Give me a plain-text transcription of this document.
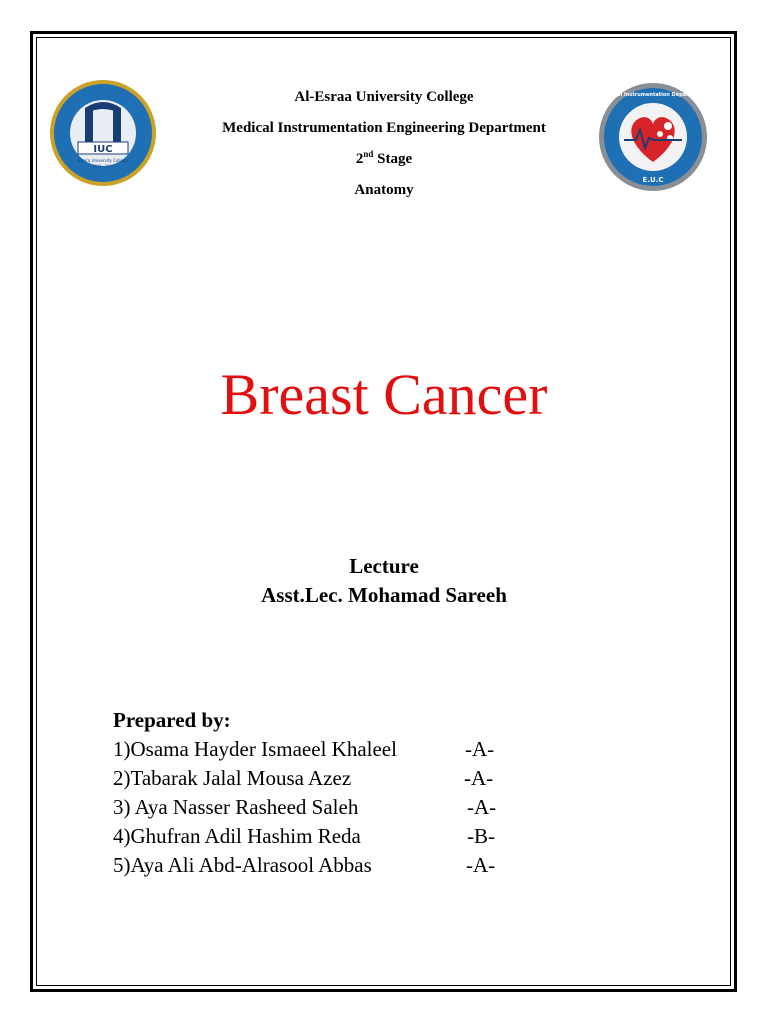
IUC
Esra'a University College
~ 2018 - 2015 ~
Medical Instrumentation Department
E.U.C
Al-Esraa University College
Medical Instrumentation Engineering Department
2nd Stage
Anatomy
Breast Cancer
Lecture
Asst.Lec. Mohamad Sareeh
Prepared by:
1)Osama Hayder Ismaeel Khaleel	-A-
2)Tabarak Jalal Mousa Azez	-A-
3) Aya Nasser Rasheed Saleh	-A-
4)Ghufran Adil Hashim Reda	-B-
5)Aya Ali Abd-Alrasool Abbas	-A-
